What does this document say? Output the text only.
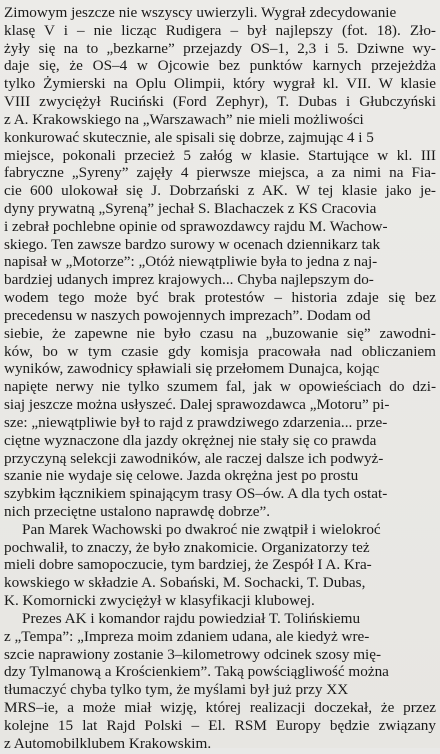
Zimowym jeszcze nie wszyscy uwierzyli. Wygrał zdecydowanie
klasę V i – nie licząc Rudigera – był najlepszy (fot. 18). Zło-
żyły się na to „bezkarne” przejazdy OS–1, 2,3 i 5. Dziwne wy-
daje się, że OS–4 w Ojcowie bez punktów karnych przejeżdża
tylko Żymierski na Oplu Olimpii, który wygrał kl. VII. W klasie
VIII zwyciężył Ruciński (Ford Zephyr), T. Dubas i Głubczyński
z A. Krakowskiego na „Warszawach” nie mieli możliwości
konkurować skutecznie, ale spisali się dobrze, zajmując 4 i 5
miejsce, pokonali przecież 5 załóg w klasie. Startujące w kl. III
fabryczne „Syreny” zajęły 4 pierwsze miejsca, a za nimi na Fia-
cie 600 ulokował się J. Dobrzański z AK. W tej klasie jako je-
dyny prywatną „Syreną” jechał S. Blachaczek z KS Cracovia
i zebrał pochlebne opinie od sprawozdawcy rajdu M. Wachow-
skiego. Ten zawsze bardzo surowy w ocenach dziennikarz tak
napisał w „Motorze”: „Otóż niewątpliwie była to jedna z naj-
bardziej udanych imprez krajowych... Chyba najlepszym do-
wodem tego może być brak protestów – historia zdaje się bez
precedensu w naszych powojennych imprezach”. Dodam od
siebie, że zapewne nie było czasu na „buzowanie się” zawodni-
ków, bo w tym czasie gdy komisja pracowała nad obliczaniem
wyników, zawodnicy spławiali się przełomem Dunajca, kojąc
napięte nerwy nie tylko szumem fal, jak w opowieściach do dzi-
siaj jeszcze można usłyszeć. Dalej sprawozdawca „Motoru” pi-
sze: „niewątpliwie był to rajd z prawdziwego zdarzenia... prze-
ciętne wyznaczone dla jazdy okrężnej nie stały się co prawda
przyczyną selekcji zawodników, ale raczej dalsze ich podwyż-
szanie nie wydaje się celowe. Jazda okrężna jest po prostu
szybkim łącznikiem spinającym trasy OS–ów. A dla tych ostat-
nich przeciętne ustalono naprawdę dobrze”.
Pan Marek Wachowski po dwakroć nie zwątpił i wielokroć
pochwalił, to znaczy, że było znakomicie. Organizatorzy też
mieli dobre samopoczucie, tym bardziej, że Zespół I A. Kra-
kowskiego w składzie A. Sobański, M. Sochacki, T. Dubas,
K. Komornicki zwyciężył w klasyfikacji klubowej.
Prezes AK i komandor rajdu powiedział T. Tolińskiemu
z „Tempa”: „Impreza moim zdaniem udana, ale kiedyż wre-
szcie naprawiony zostanie 3–kilometrowy odcinek szosy mię-
dzy Tylmanową a Krościenkiem”. Taką powściągliwość można
tłumaczyć chyba tylko tym, że myślami był już przy XX
MRS–ie, a może miał wizję, której realizacji doczekał, że przez
kolejne 15 lat Rajd Polski – El. RSM Europy będzie związany
z Automobilklubem Krakowskim.
